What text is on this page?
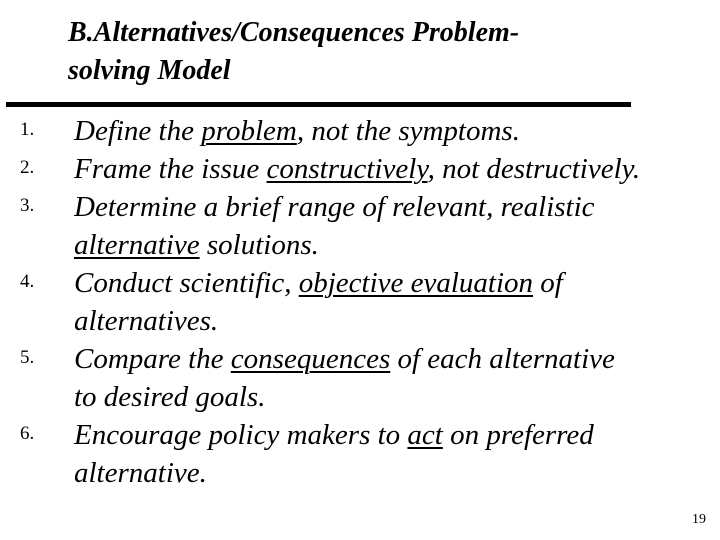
B.Alternatives/Consequences Problem-
solving Model
1. Define the problem, not the symptoms.
2. Frame the issue constructively, not destructively.
3. Determine a brief range of relevant, realistic
alternative solutions.
4. Conduct scientific, objective evaluation of
alternatives.
5. Compare the consequences of each alternative
to desired goals.
6. Encourage policy makers to act on preferred
alternative.
19
